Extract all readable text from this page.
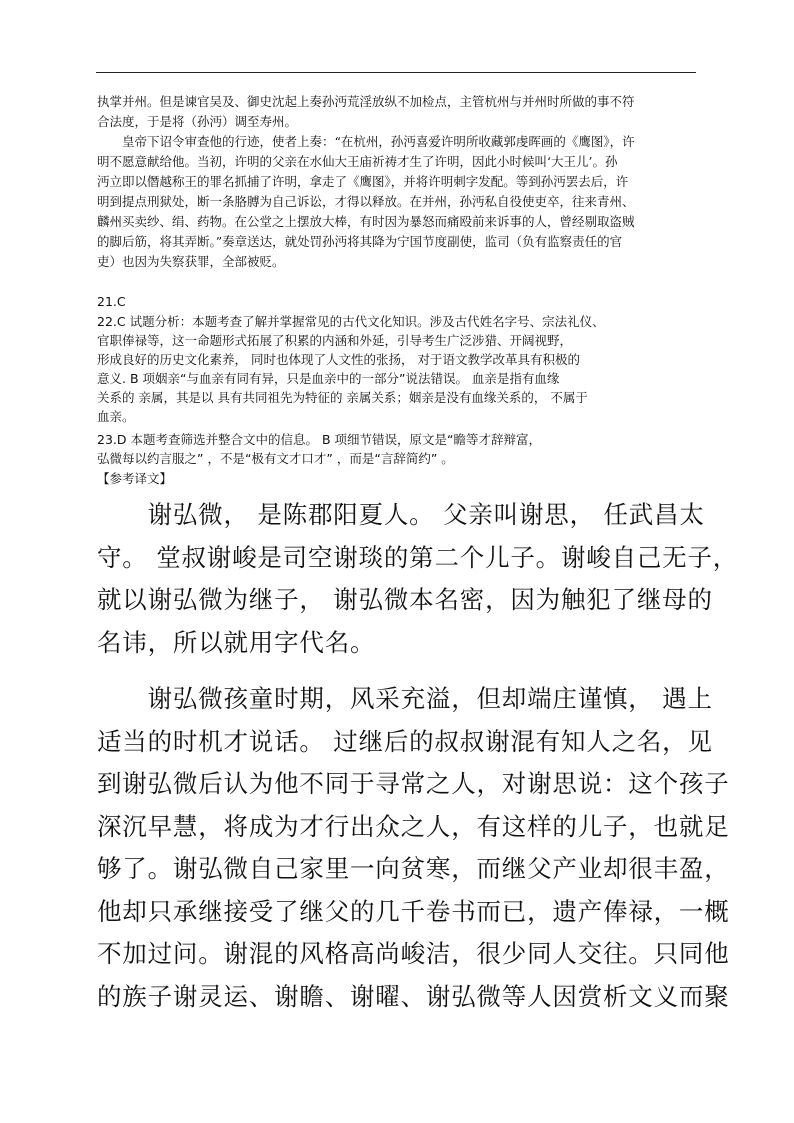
执掌并州。但是谏官吴及、御史沈起上奏孙沔荒淫放纵不加检点，主管杭州与并州时所做的事不符
合法度，于是将（孙沔）调至寿州。
　　皇帝下诏令审查他的行迹，使者上奏：“在杭州，孙沔喜爱许明所收藏郭虔晖画的《鹰图》，许
明不愿意献给他。当初，许明的父亲在水仙大王庙祈祷才生了许明，因此小时候叫‘大王儿’。孙
沔立即以僭越称王的罪名抓捕了许明，拿走了《鹰图》，并将许明刺字发配。等到孙沔罢去后，许
明到提点刑狱处，断一条胳膊为自己诉讼，才得以释放。在并州，孙沔私自役使吏卒，往来青州、
麟州买卖纱、绢、药物。在公堂之上摆放大棒，有时因为暴怒而痛殴前来诉事的人，曾经剔取盗贼
的脚后筋，将其弄断。”奏章送达，就处罚孙沔将其降为宁国节度副使，监司（负有监察责任的官
吏）也因为失察获罪，全部被贬。
21.C
22.C 试题分析：本题考查了解并掌握常见的古代文化知识。涉及古代姓名字号、宗法礼仪、
官职俸禄等，这一命题形式拓展了积累的内涵和外延，引导考生广泛涉猎、开阔视野，
形成良好的历史文化素养， 同时也体现了人文性的张扬， 对于语文教学改革具有积极的
意义. B 项姻亲“与血亲有同有异，只是血亲中的一部分”说法错误。 血亲是指有血缘
关系的 亲属，其是以 具有共同祖先为特征的 亲属关系；姻亲是没有血缘关系的， 不属于
血亲。
23.D 本题考查筛选并整合文中的信息。 B 项细节错误，原文是“瞻等才辞辩富，
弘微每以约言服之” ，不是“极有文才口才” ，而是“言辞简约” 。
【参考译文】
　　谢弘微， 是陈郡阳夏人。 父亲叫谢思， 任武昌太
守。 堂叔谢峻是司空谢琰的第二个儿子。谢峻自己无子，
就以谢弘微为继子， 谢弘微本名密，因为触犯了继母的
名讳，所以就用字代名。
　　谢弘微孩童时期，风采充溢，但却端庄谨慎， 遇上
适当的时机才说话。 过继后的叔叔谢混有知人之名，见
到谢弘微后认为他不同于寻常之人，对谢思说：这个孩子
深沉早慧，将成为才行出众之人，有这样的儿子，也就足
够了。谢弘微自己家里一向贫寒，而继父产业却很丰盈，
他却只承继接受了继父的几千卷书而已，遗产俸禄，一概
不加过问。谢混的风格高尚峻洁，很少同人交往。只同他
的族子谢灵运、谢瞻、谢曜、谢弘微等人因赏析文义而聚
